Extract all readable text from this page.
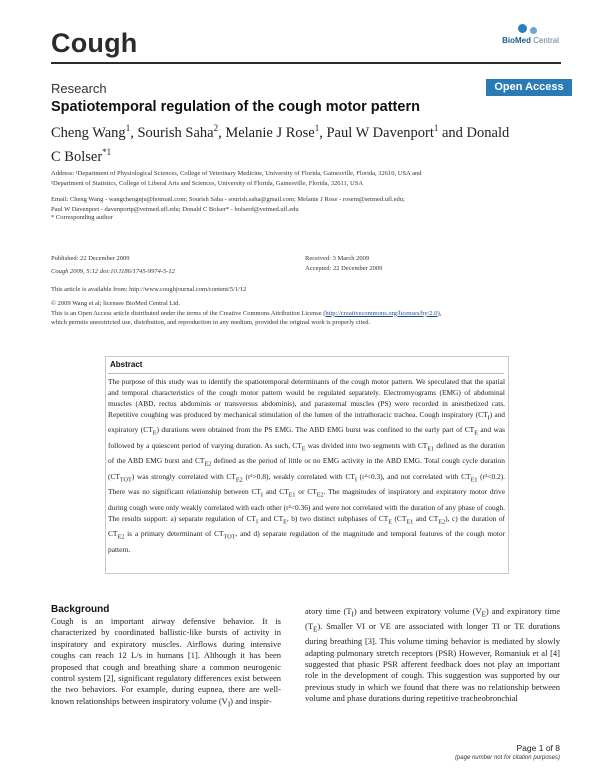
Cough	BioMed Central
Research	Open Access
Spatiotemporal regulation of the cough motor pattern
Cheng Wang$^1$, Sourish Saha$^2$, Melanie J Rose$^1$, Paul W Davenport$^1$ and Donald C Bolser$^{*1}$
Address: ¹Department of Physiological Sciences, College of Veterinary Medicine, University of Florida, Gainesville, Florida, 32610, USA and
²Department of Statistics, College of Liberal Arts and Sciences, University of Florida, Gainesville, Florida, 32611, USA
Email: Cheng Wang - wangchengnju@hotmail.com; Sourish Saha - sourish.saha@gmail.com; Melanie J Rose - rosem@setmed.ufl.edu;
Paul W Davenport - davenportp@vetmed.ufl.edu; Donald C Bolser* - bolserd@vetmed.ufl.edu
* Corresponding author
Published: 22 December 2009
Cough 2009, 5:12 doi:10.1186/1745-9974-5-12
Received: 3 March 2009
Accepted: 22 December 2009
This article is available from: http://www.coughjournal.com/content/5/1/12
© 2009 Wang et al; licensee BioMed Central Ltd.
This is an Open Access article distributed under the terms of the Creative Commons Attribution License (http://creativecommons.org/licenses/by/2.0),
which permits unrestricted use, distribution, and reproduction in any medium, provided the original work is properly cited.
Abstract
The purpose of this study was to identify the spatiotemporal determinants of the cough motor pattern. We speculated that the spatial and temporal characteristics of the cough motor pattern would be regulated separately. Electromyograms (EMG) of abdominal muscles (ABD, rectus abdominis or transversus abdominis), and parasternal muscles (PS) were recorded in anesthetized cats. Repetitive coughing was produced by mechanical stimulation of the lumen of the intrathoracic trachea. Cough inspiratory $(CT_I)$ and expiratory $(CT_E)$ durations were obtained from the PS EMG. The ABD EMG burst was confined to the early part of $CT_E$ and was followed by a quiescent period of varying duration. As such, $CT_E$ was divided into two segments with $CT_{E1}$ defined as the duration of the ABD EMG burst and $CT_{E2}$ defined as the period of little or no EMG activity in the ABD EMG. Total cough cycle duration $(CT_{TOT})$ was strongly correlated with $CT_{E2}$ (r²>0.8), weakly correlated with $CT_I$ (r²<0.3), and not correlated with $CT_{E1}$ (r²<0.2). There was no significant relationship between $CT_I$ and $CT_{E1}$ or $CT_{E2}$. The magnitudes of inspiratory and expiratory motor drive during cough were only weakly correlated with each other (r²<0.36) and were not correlated with the duration of any phase of cough. The results support: a) separate regulation of $CT_I$ and $CT_E$, b) two distinct subphases of $CT_E$ ($CT_{E1}$ and $CT_{E2}$), c) the duration of $CT_{E2}$ is a primary determinant of $CT_{TOT}$, and d) separate regulation of the magnitude and temporal features of the cough motor pattern.
Background
Cough is an important airway defensive behavior. It is characterized by coordinated ballistic-like bursts of activity in inspiratory and expiratory muscles. Airflows during intensive coughs can reach 12 L/s in humans [1]. Although it has been proposed that cough and breathing share a common neurogenic control system [2], significant regulatory differences exist between the two behaviors. For example, during eupnea, there are well-known relationships between inspiratory volume $(V_I)$ and inspir-
atory time $(T_I)$ and between expiratory volume $(V_E)$ and expiratory time $(T_E)$. Smaller VI or VE are associated with longer TI or TE durations during breathing [3]. This volume timing behavior is mediated by slowly adapting pulmonary stretch receptors (PSR) However, Romaniuk et al [4] suggested that phasic PSR afferent feedback does not play an important role in the development of cough. This suggestion was supported by our previous study in which we found that there was no relationship between volume and phase durations during repetitive tracheobronchial
Page 1 of 8
(page number not for citation purposes)
